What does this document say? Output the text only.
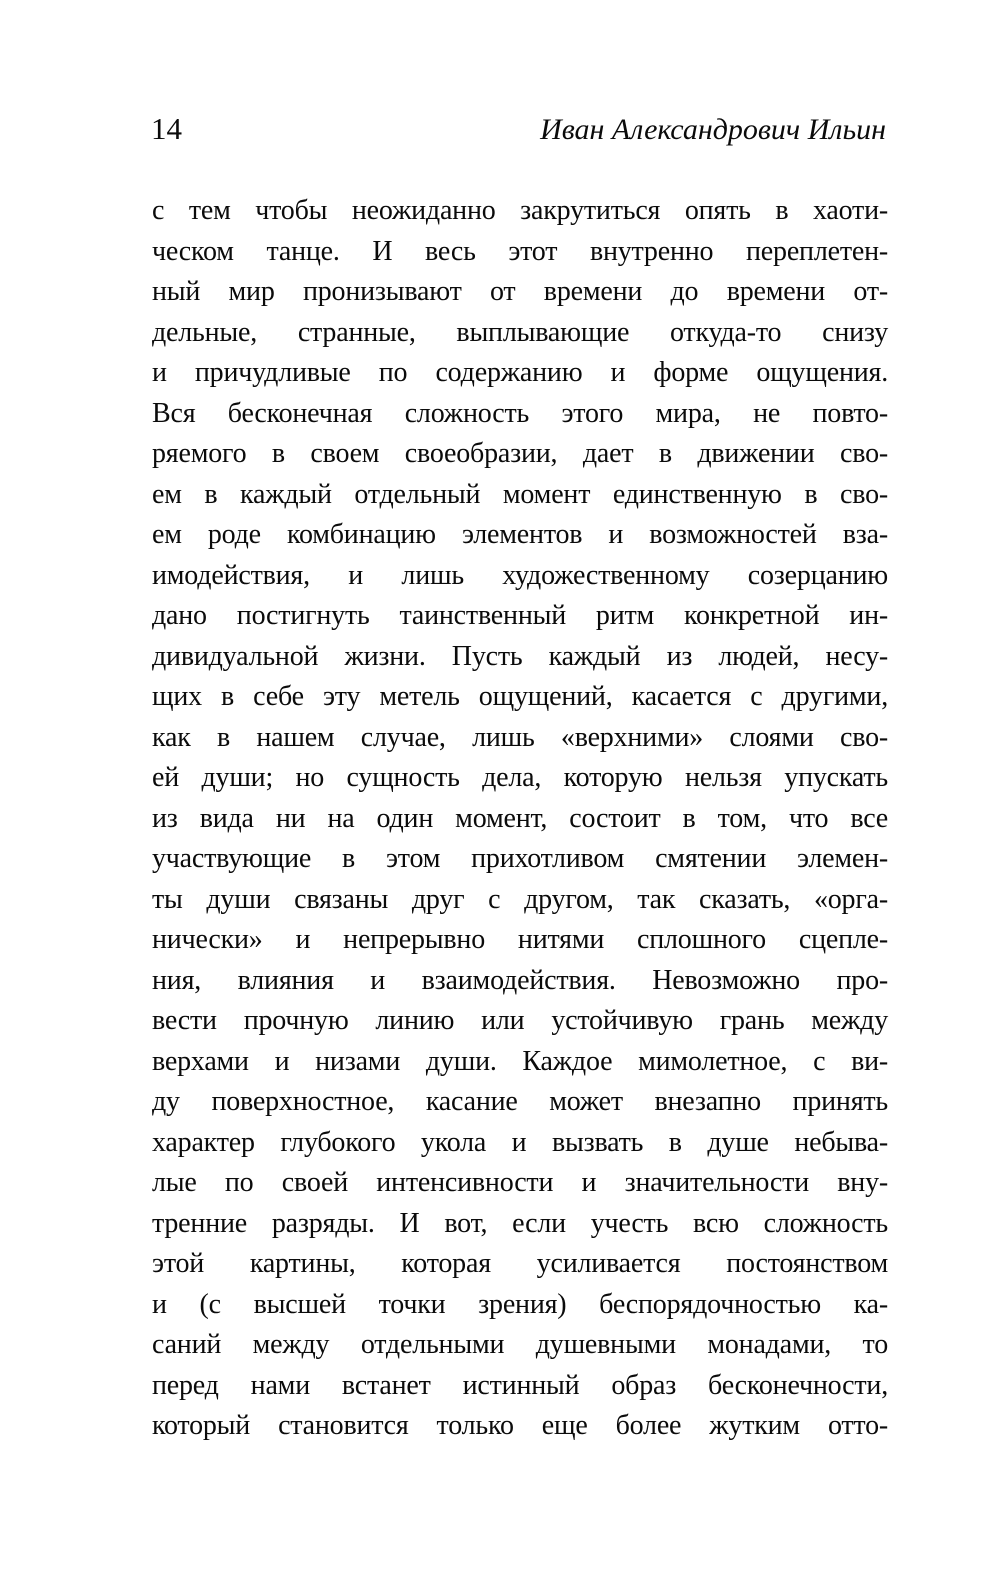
14	Иван Александрович Ильин

с тем чтобы неожиданно закрутиться опять в хаоти-

ческом танце. И весь этот внутренно переплетен-

ный мир пронизывают от времени до времени от-

дельные, странные, выплывающие откуда-то снизу

и причудливые по содержанию и форме ощущения.

Вся бесконечная сложность этого мира, не повто-

ряемого в своем своеобразии, дает в движении сво-

ем в каждый отдельный момент единственную в сво-

ем роде комбинацию элементов и возможностей вза-

имодействия, и лишь художественному созерцанию

дано постигнуть таинственный ритм конкретной ин-

дивидуальной жизни. Пусть каждый из людей, несу-

щих в себе эту метель ощущений, касается с другими,

как в нашем случае, лишь «верхними» слоями сво-

ей души; но сущность дела, которую нельзя упускать

из вида ни на один момент, состоит в том, что все

участвующие в этом прихотливом смятении элемен-

ты души связаны друг с другом, так сказать, «орга-

нически» и непрерывно нитями сплошного сцепле-

ния, влияния и взаимодействия. Невозможно про-

вести прочную линию или устойчивую грань между

верхами и низами души. Каждое мимолетное, с ви-

ду поверхностное, касание может внезапно принять

характер глубокого укола и вызвать в душе небыва-

лые по своей интенсивности и значительности вну-

тренние разряды. И вот, если учесть всю сложность

этой картины, которая усиливается постоянством

и (с высшей точки зрения) беспорядочностью ка-

саний между отдельными душевными монадами, то

перед нами встанет истинный образ бесконечности,

который становится только еще более жутким отто-
